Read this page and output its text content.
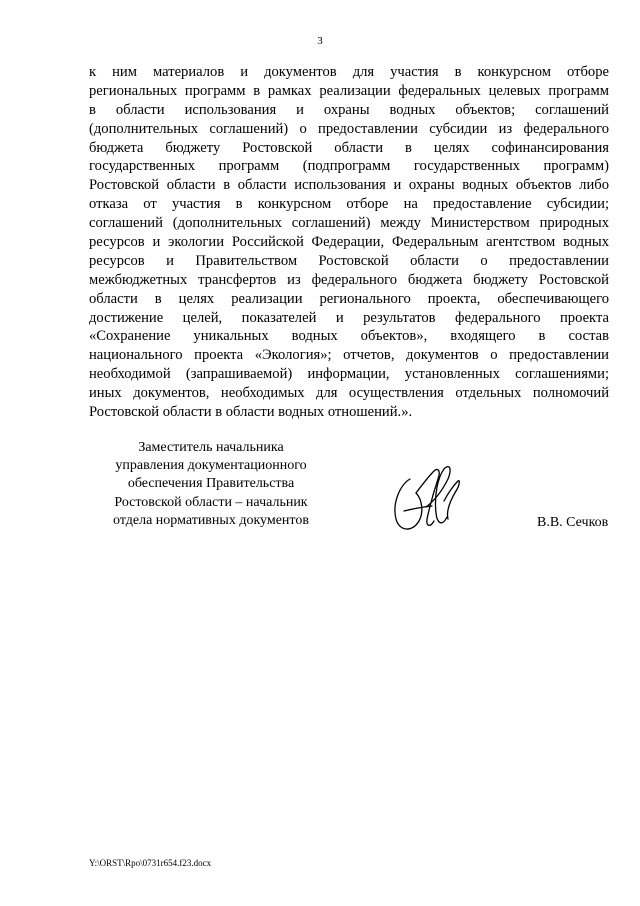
3
к ним материалов и документов для участия в конкурсном отборе
региональных программ в рамках реализации федеральных целевых программ
в области использования и охраны водных объектов; соглашений
(дополнительных соглашений) о предоставлении субсидии из федерального
бюджета бюджету Ростовской области в целях софинансирования
государственных программ (подпрограмм государственных программ)
Ростовской области в области использования и охраны водных объектов либо
отказа от участия в конкурсном отборе на предоставление субсидии;
соглашений (дополнительных соглашений) между Министерством природных
ресурсов и экологии Российской Федерации, Федеральным агентством водных
ресурсов и Правительством Ростовской области о предоставлении
межбюджетных трансфертов из федерального бюджета бюджету Ростовской
области в целях реализации регионального проекта, обеспечивающего
достижение целей, показателей и результатов федерального проекта
«Сохранение уникальных водных объектов», входящего в состав
национального проекта «Экология»; отчетов, документов о предоставлении
необходимой (запрашиваемой) информации, установленных соглашениями;
иных документов, необходимых для осуществления отдельных полномочий
Ростовской области в области водных отношений.».
Заместитель начальника
управления документационного
обеспечения Правительства
Ростовской области – начальник
отдела нормативных документов	В.В. Сечков
Y:\ORST\Rpo\0731r654.f23.docx
